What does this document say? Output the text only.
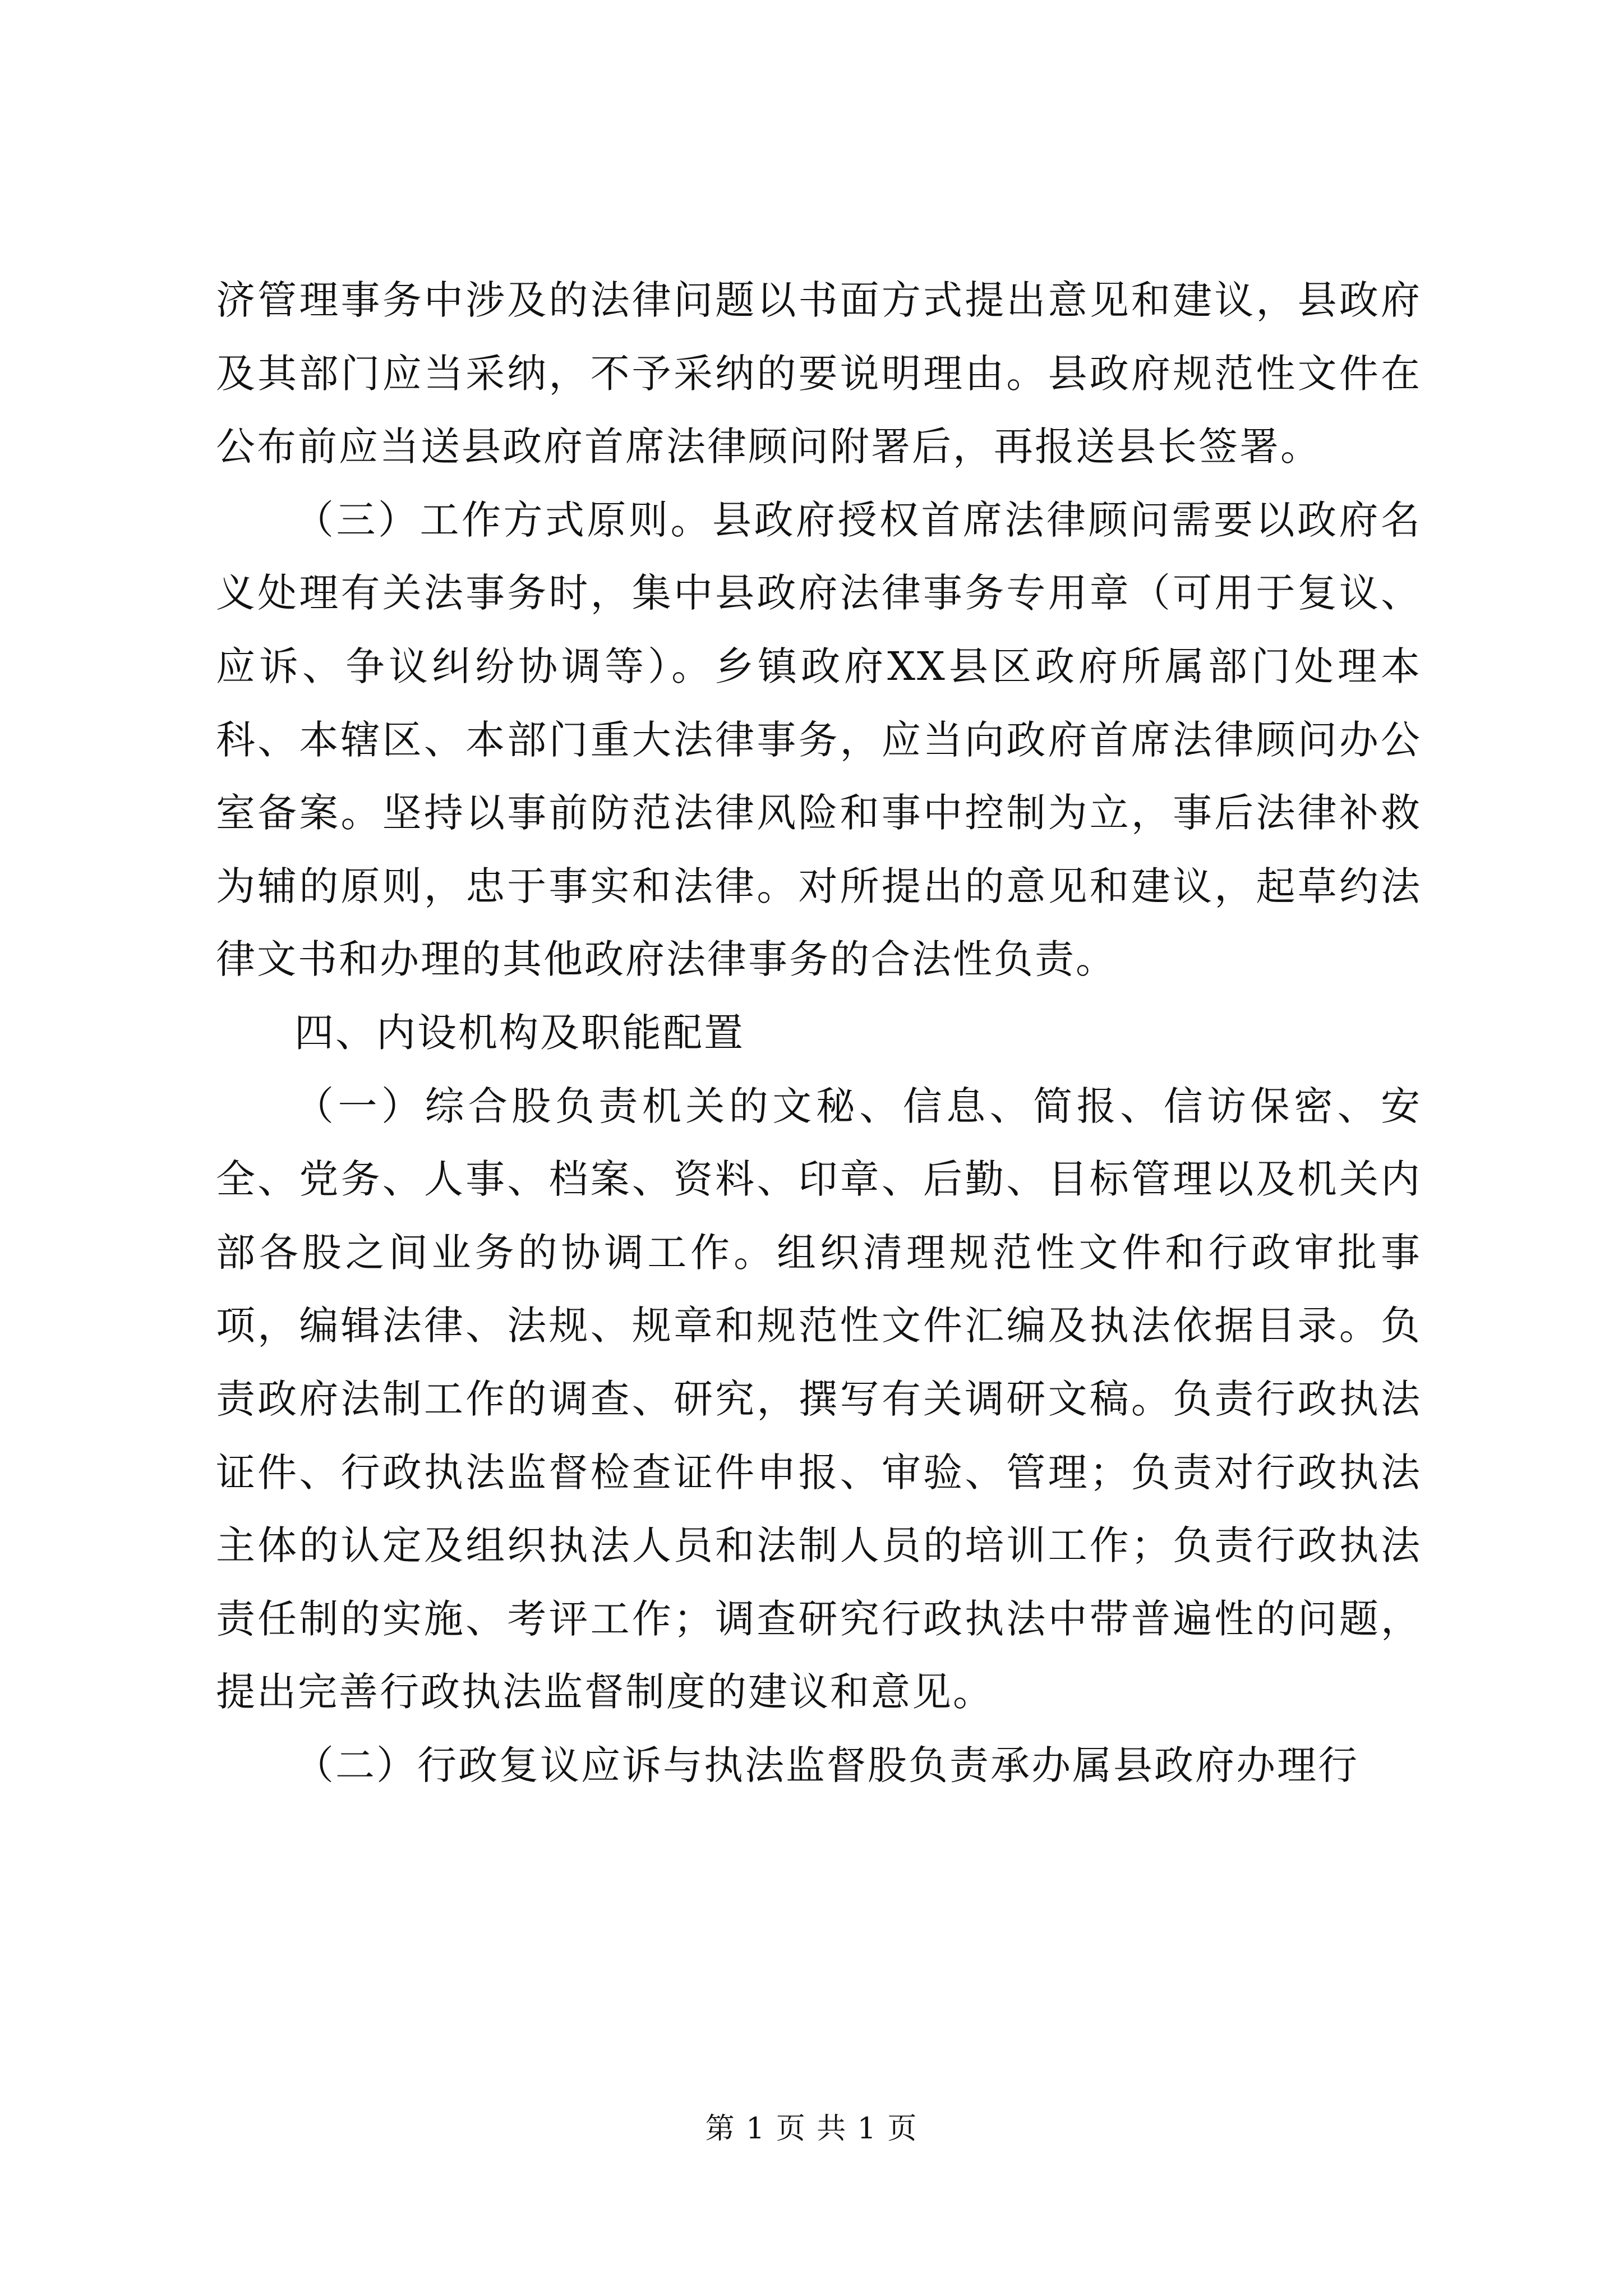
济管理事务中涉及的法律问题以书面方式提出意见和建议，县政府及其部门应当采纳，不予采纳的要说明理由。县政府规范性文件在公布前应当送县政府首席法律顾问附署后，再报送县长签署。

（三）工作方式原则。县政府授权首席法律顾问需要以政府名义处理有关法事务时，集中县政府法律事务专用章（可用于复议、应诉、争议纠纷协调等）。乡镇政府XX县区政府所属部门处理本科、本辖区、本部门重大法律事务，应当向政府首席法律顾问办公室备案。坚持以事前防范法律风险和事中控制为立，事后法律补救为辅的原则，忠于事实和法律。对所提出的意见和建议，起草约法律文书和办理的其他政府法律事务的合法性负责。

四、内设机构及职能配置

（一）综合股负责机关的文秘、信息、简报、信访保密、安全、党务、人事、档案、资料、印章、后勤、目标管理以及机关内部各股之间业务的协调工作。组织清理规范性文件和行政审批事项，编辑法律、法规、规章和规范性文件汇编及执法依据目录。负责政府法制工作的调查、研究，撰写有关调研文稿。负责行政执法证件、行政执法监督检查证件申报、审验、管理；负责对行政执法主体的认定及组织执法人员和法制人员的培训工作；负责行政执法责任制的实施、考评工作；调查研究行政执法中带普遍性的问题，提出完善行政执法监督制度的建议和意见。

（二）行政复议应诉与执法监督股负责承办属县政府办理行

第 1 页 共 1 页
